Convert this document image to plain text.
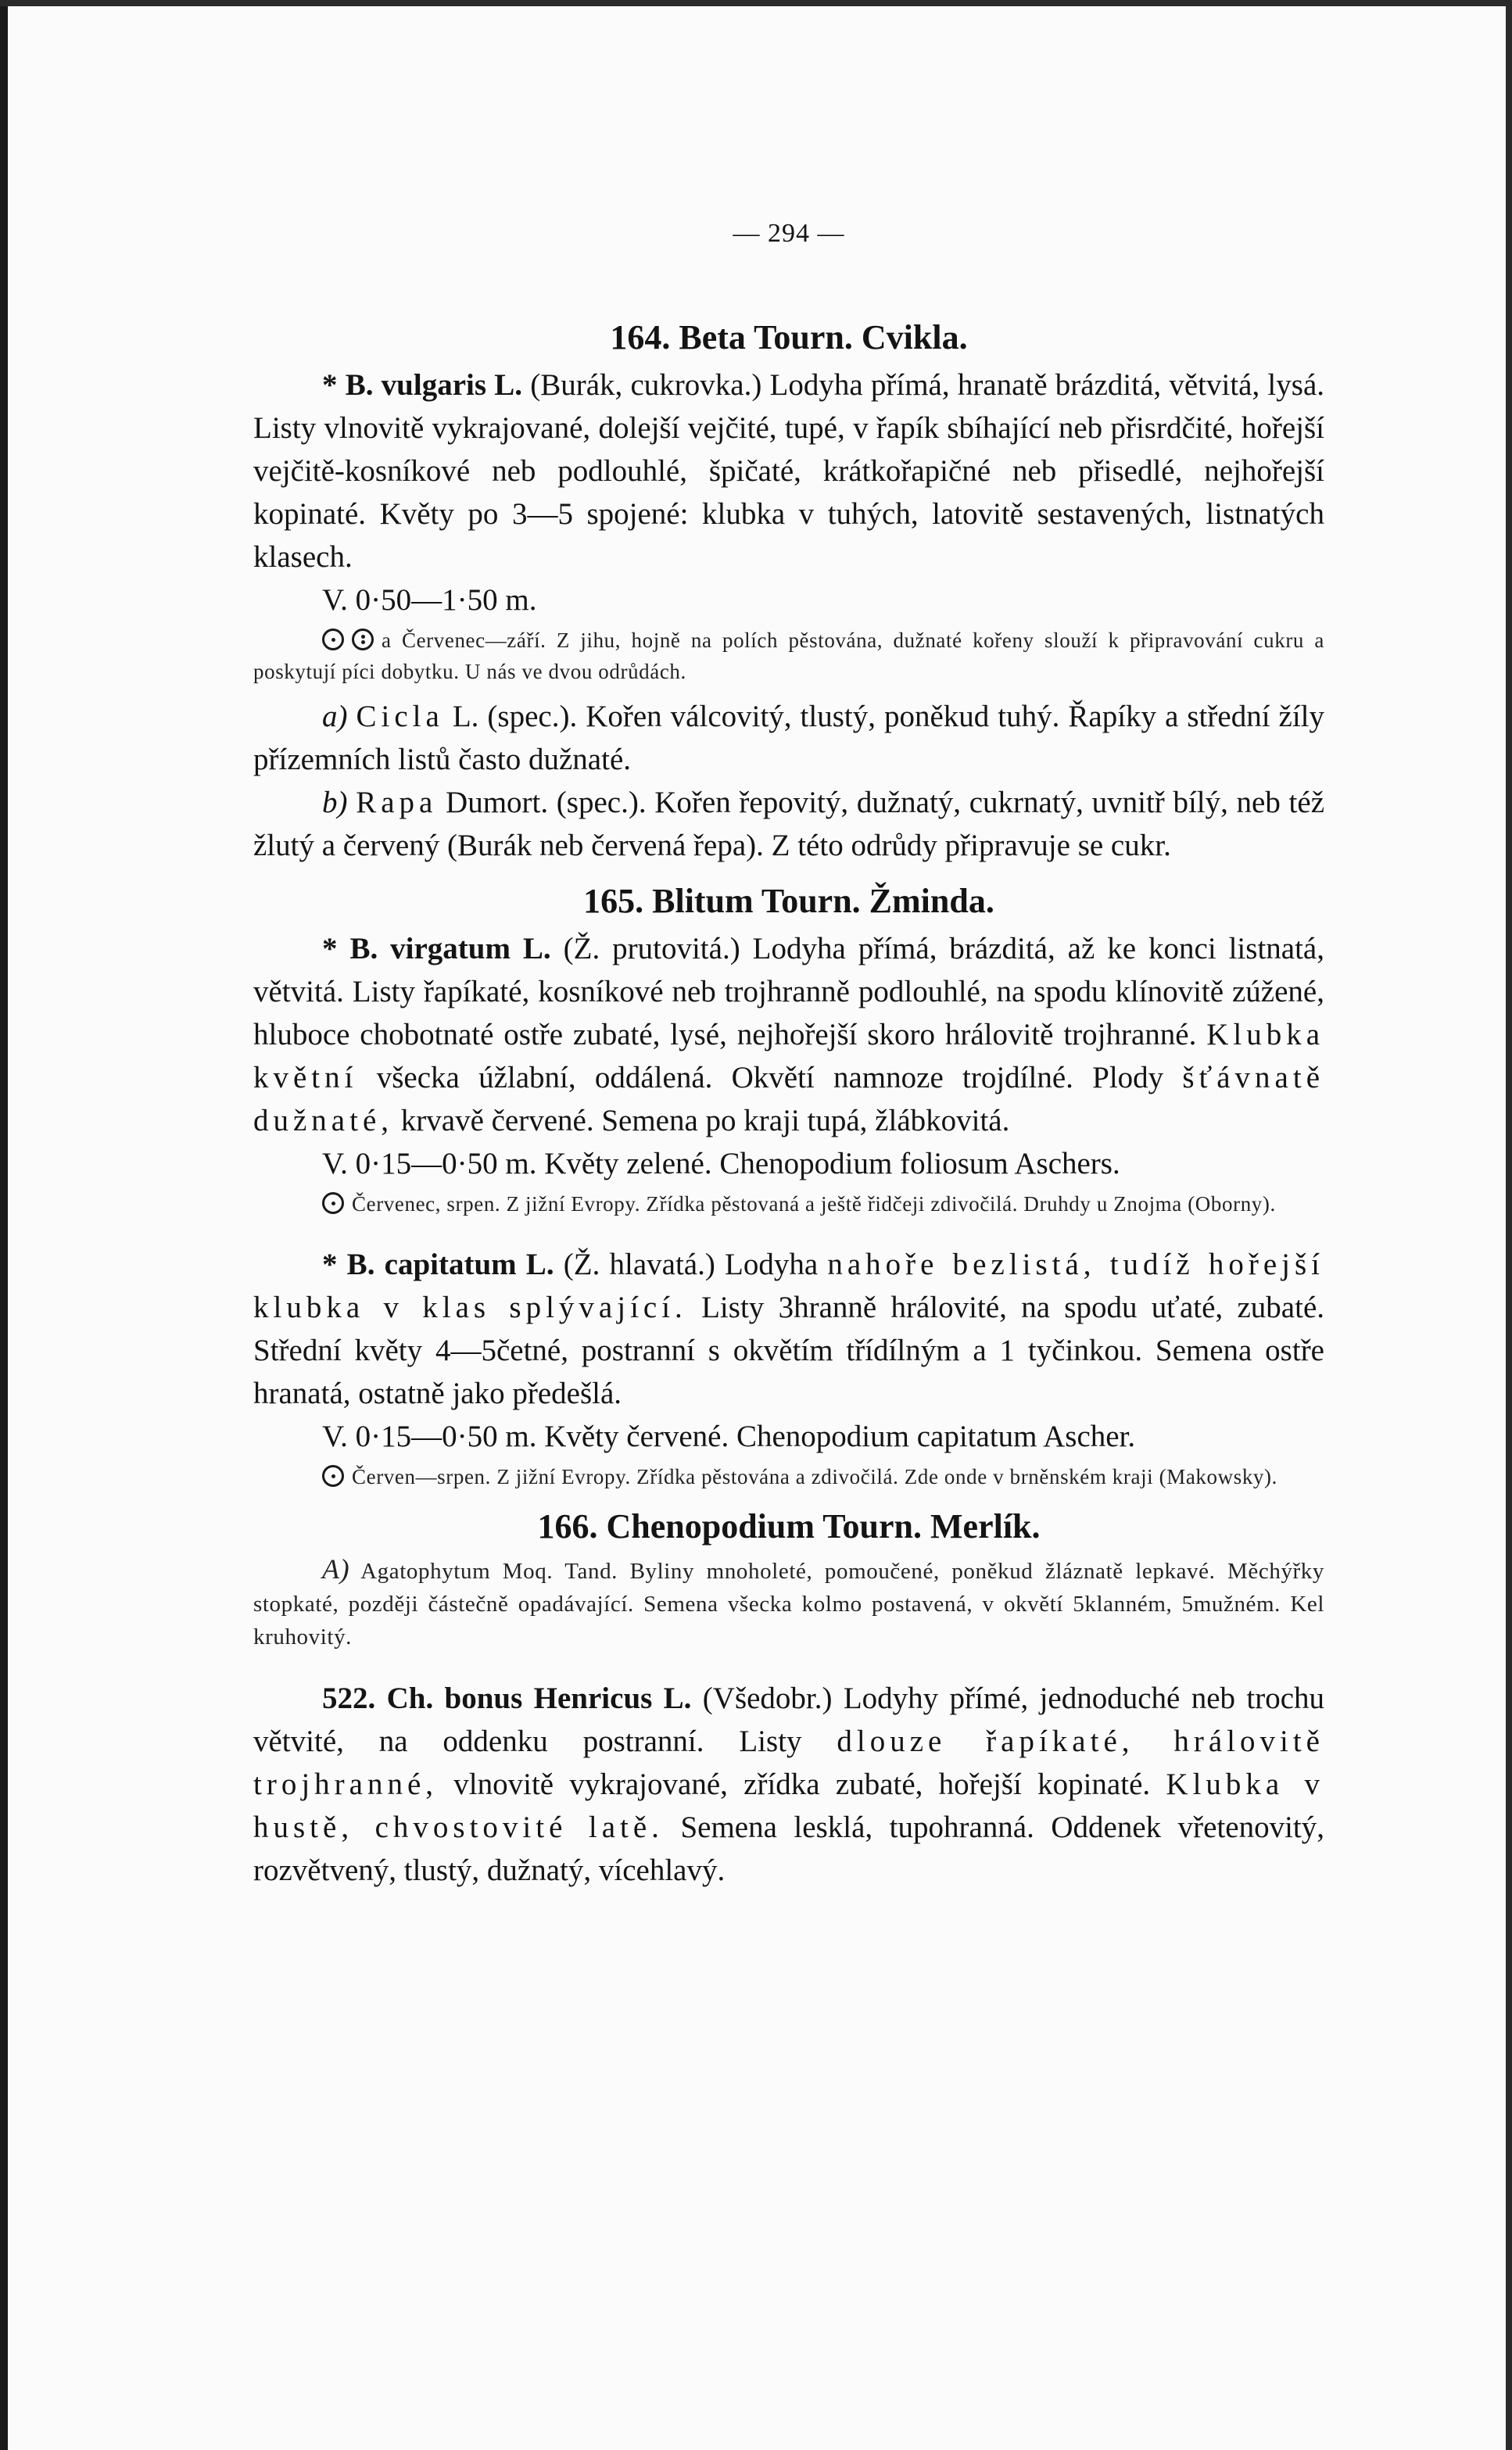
— 294 —
164. Beta Tourn. Cvikla.

* B. vulgaris L. (Burák, cukrovka.) Lodyha přímá, hranatě brázditá, větvitá, lysá. Listy vlnovitě vykrajované, dolejší vejčité, tupé, v řapík sbíhající neb přisrdčité, hořejší vejčitě-kosníkové neb podlouhlé, špičaté, krátkořapičné neb přisedlé, nejhořejší kopinaté. Květy po 3—5 spojené: klubka v tuhých, latovitě sestavených, listnatých klasech.

V. 0·50—1·50 m.

a Červenec—září. Z jihu, hojně na polích pěstována, dužnaté kořeny slouží k připravování cukru a poskytují píci dobytku. U nás ve dvou odrůdách.

a) Cicla L. (spec.). Kořen válcovitý, tlustý, poněkud tuhý. Řapíky a střední žíly přízemních listů často dužnaté.

b) Rapa Dumort. (spec.). Kořen řepovitý, dužnatý, cukrnatý, uvnitř bílý, neb též žlutý a červený (Burák neb červená řepa). Z této odrůdy připravuje se cukr.

165. Blitum Tourn. Žminda.

* B. virgatum L. (Ž. prutovitá.) Lodyha přímá, brázditá, až ke konci listnatá, větvitá. Listy řapíkaté, kosníkové neb trojhranně podlouhlé, na spodu klínovitě zúžené, hluboce chobotnaté ostře zubaté, lysé, nejhořejší skoro hrálovitě trojhranné. Klubka květní všecka úžlabní, oddálená. Okvětí namnoze trojdílné. Plody šťávnatě dužnaté, krvavě červené. Semena po kraji tupá, žlábkovitá.

V. 0·15—0·50 m. Květy zelené. Chenopodium foliosum Aschers.

Červenec, srpen. Z jižní Evropy. Zřídka pěstovaná a ještě řidčeji zdivočilá. Druhdy u Znojma (Oborny).

* B. capitatum L. (Ž. hlavatá.) Lodyha nahoře bezlistá, tudíž hořejší klubka v klas splývající. Listy 3hranně hrálovité, na spodu uťaté, zubaté. Střední květy 4—5četné, postranní s okvětím třídílným a 1 tyčinkou. Semena ostře hranatá, ostatně jako předešlá.

V. 0·15—0·50 m. Květy červené. Chenopodium capitatum Ascher.

Červen—srpen. Z jižní Evropy. Zřídka pěstována a zdivočilá. Zde onde v brněnském kraji (Makowsky).

166. Chenopodium Tourn. Merlík.

A) Agatophytum Moq. Tand. Byliny mnoholeté, pomoučené, poněkud žláznatě lepkavé. Měchýřky stopkaté, později částečně opadávající. Semena všecka kolmo postavená, v okvětí 5klanném, 5mužném. Kel kruhovitý.

522. Ch. bonus Henricus L. (Všedobr.) Lodyhy přímé, jednoduché neb trochu větvité, na oddenku postranní. Listy dlouze řapíkaté, hrálovitě trojhranné, vlnovitě vykrajované, zřídka zubaté, hořejší kopinaté. Klubka v hustě, chvostovité latě. Semena lesklá, tupohranná. Oddenek vřetenovitý, rozvětvený, tlustý, dužnatý, vícehlavý.
